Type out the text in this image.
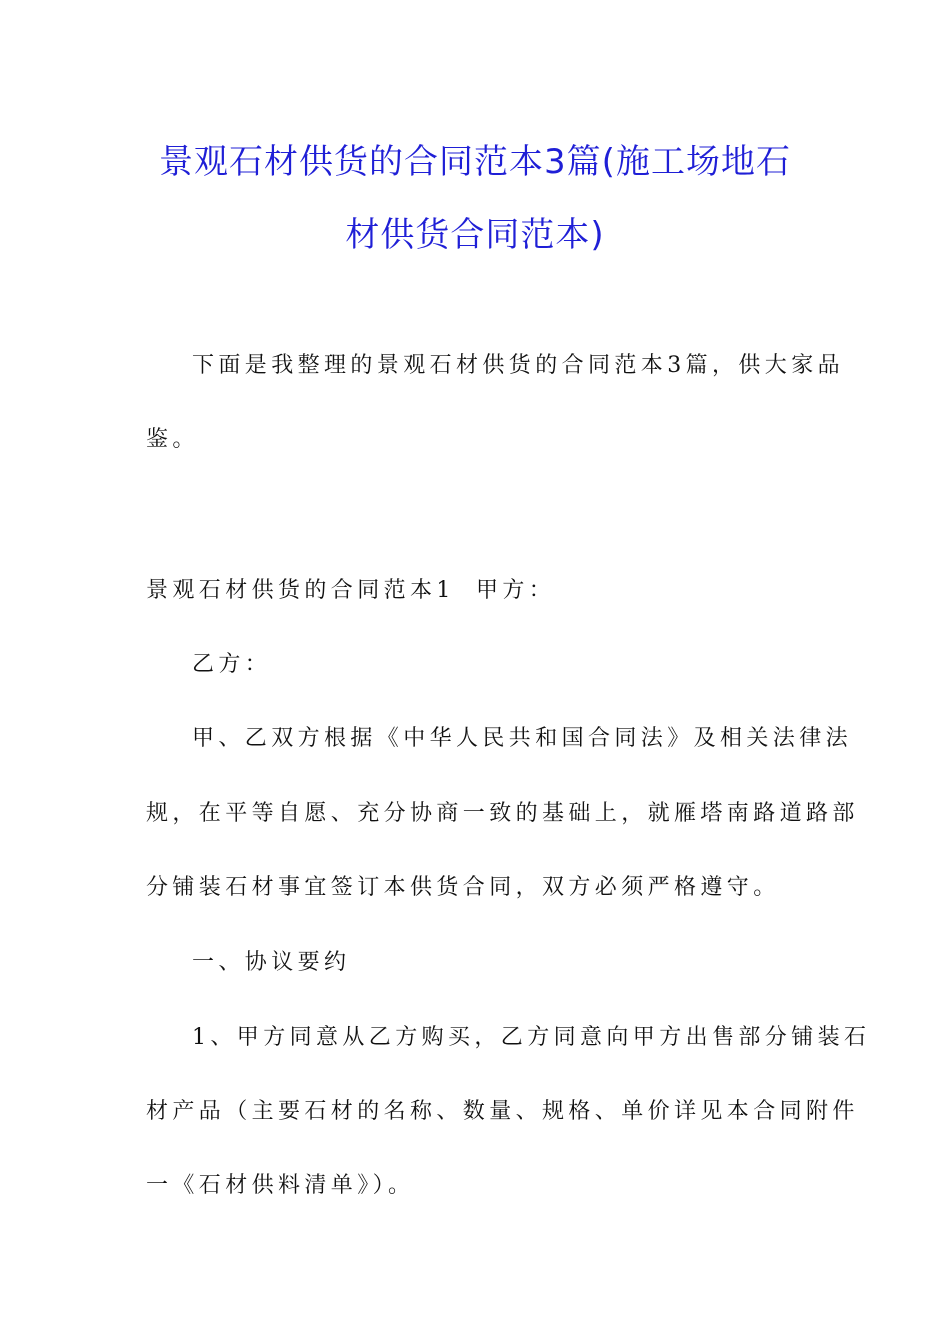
景观石材供货的合同范本3篇(施工场地石
材供货合同范本)
下面是我整理的景观石材供货的合同范本3篇，供大家品
鉴。
景观石材供货的合同范本1 甲方：
乙方：
甲、乙双方根据《中华人民共和国合同法》及相关法律法
规，在平等自愿、充分协商一致的基础上，就雁塔南路道路部
分铺装石材事宜签订本供货合同，双方必须严格遵守。
一、协议要约
1、甲方同意从乙方购买，乙方同意向甲方出售部分铺装石
材产品（主要石材的名称、数量、规格、单价详见本合同附件
一《石材供料清单》）。
